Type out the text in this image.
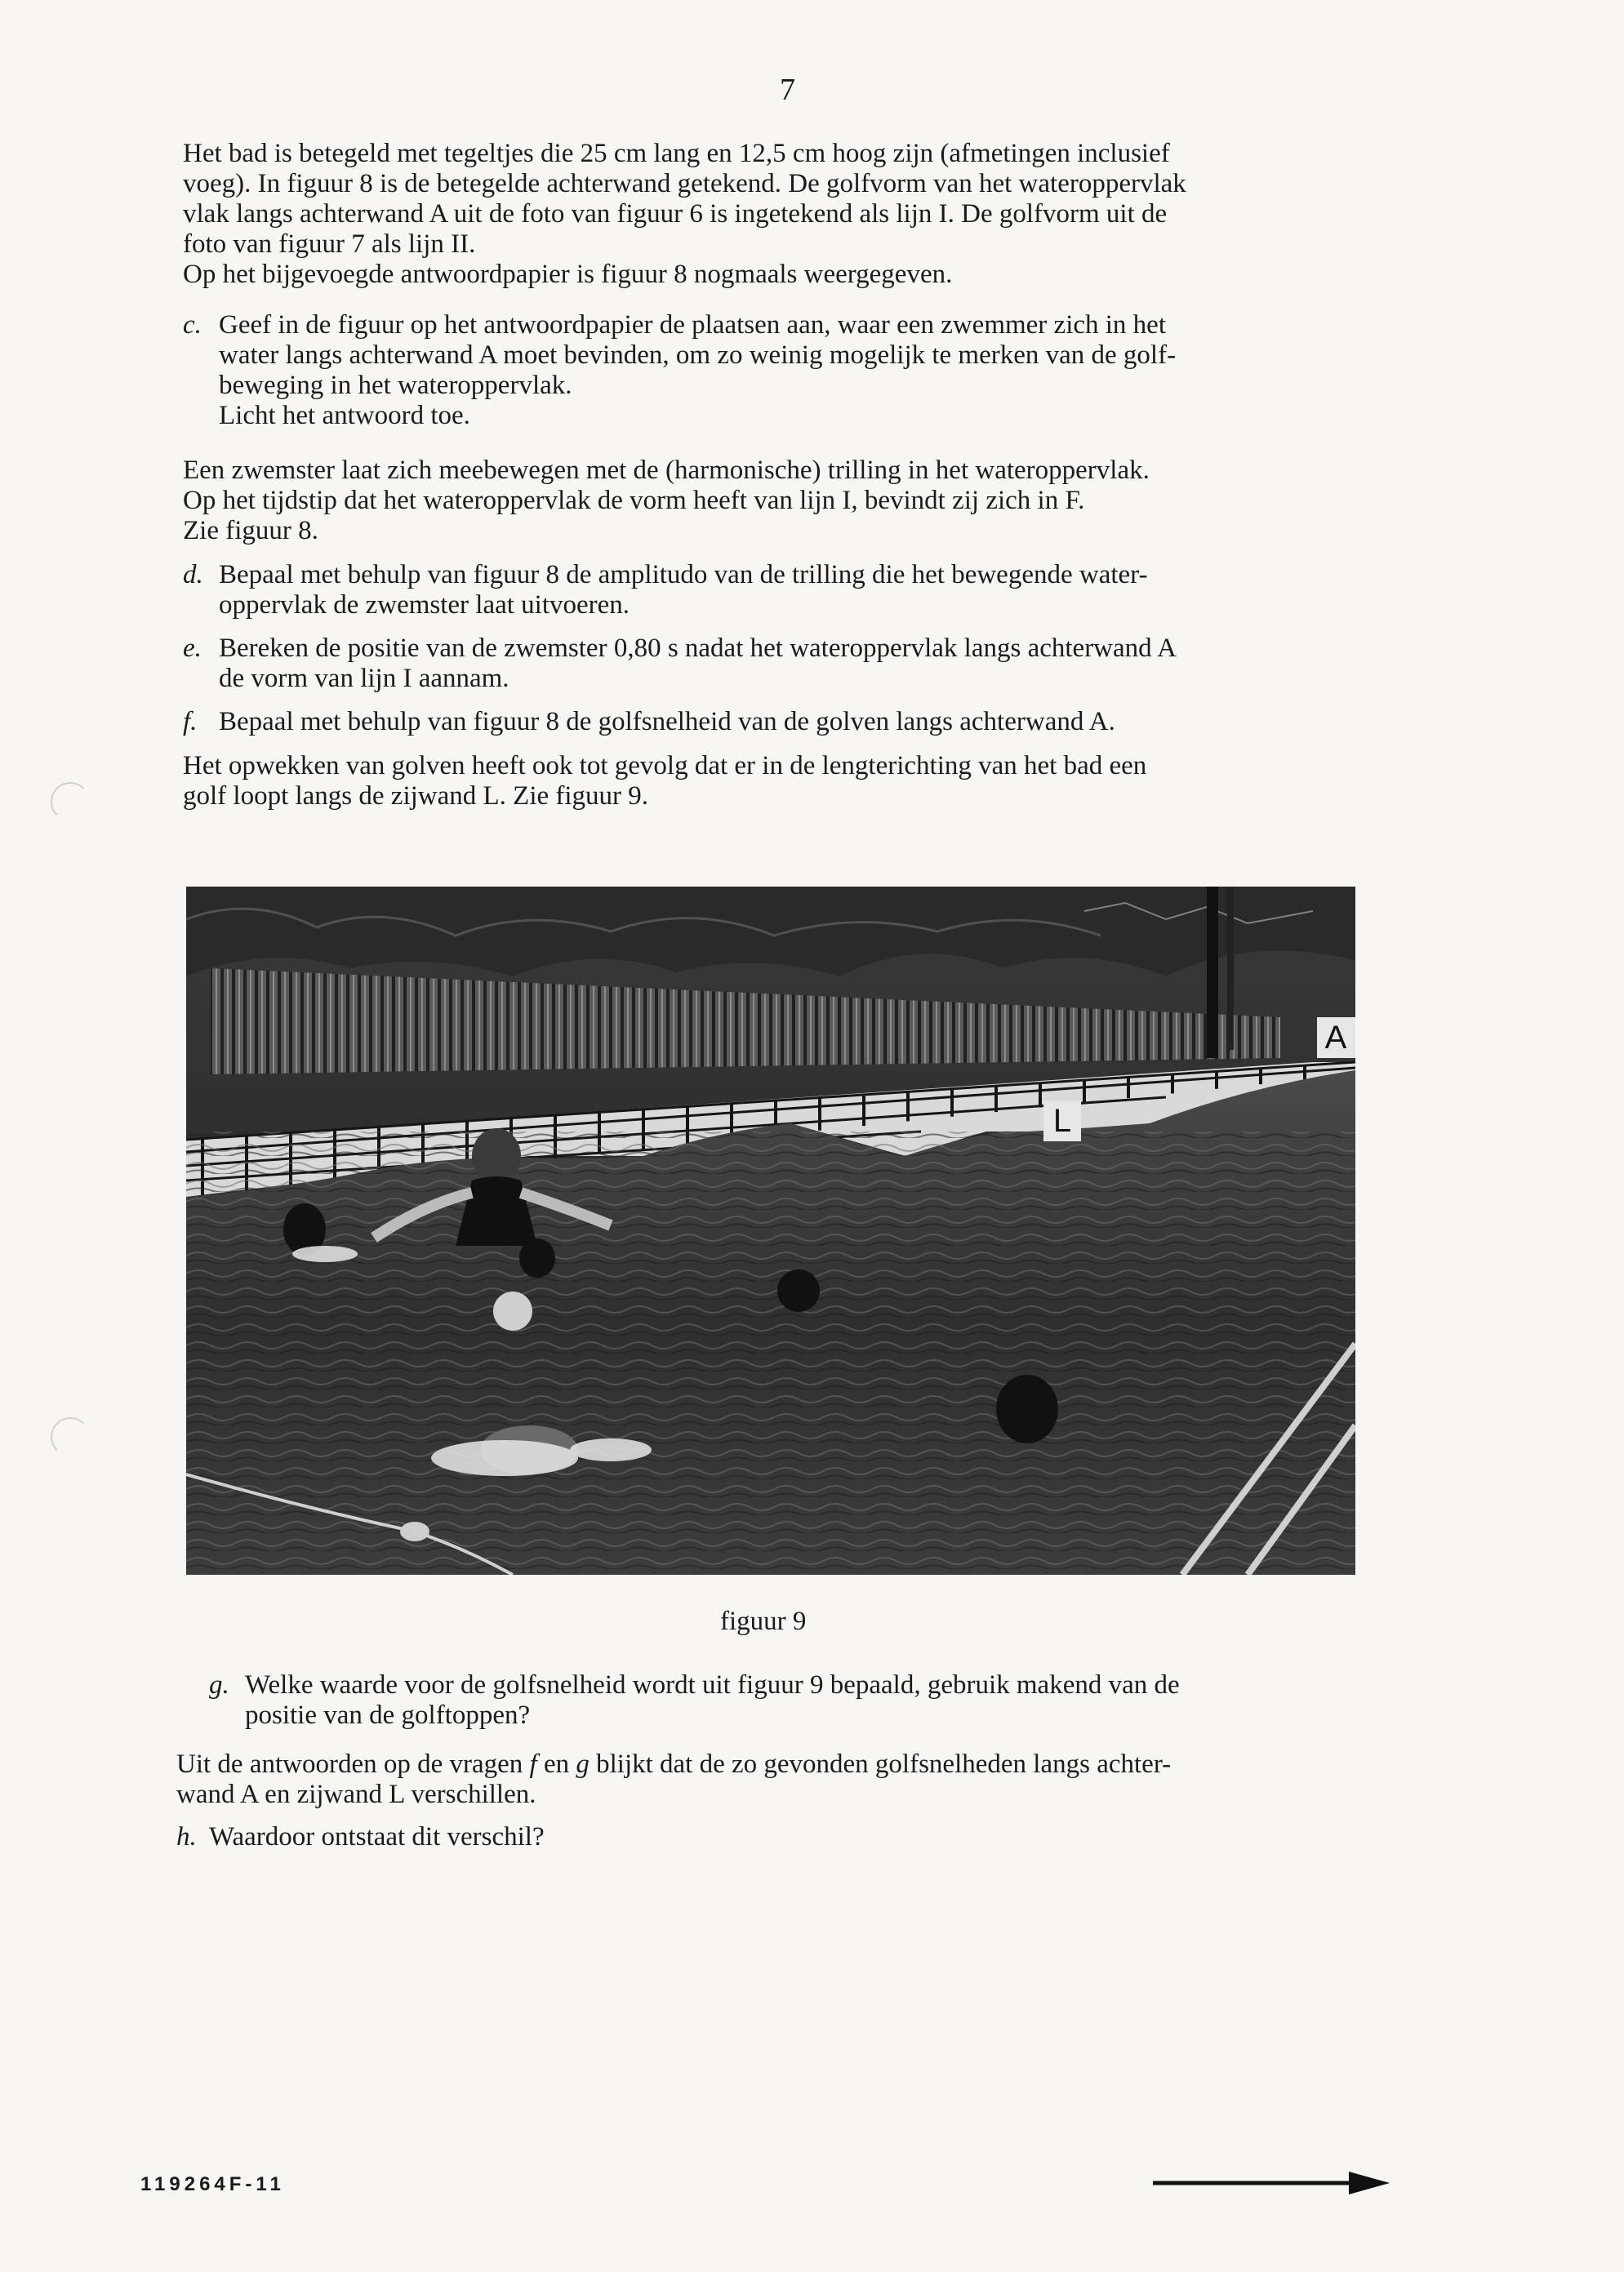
7

Het bad is betegeld met tegeltjes die 25 cm lang en 12,5 cm hoog zijn (afmetingen inclusief

voeg). In figuur 8 is de betegelde achterwand getekend. De golfvorm van het wateroppervlak

vlak langs achterwand A uit de foto van figuur 6 is ingetekend als lijn I. De golfvorm uit de

foto van figuur 7 als lijn II.

Op het bijgevoegde antwoordpapier is figuur 8 nogmaals weergegeven.

c. Geef in de figuur op het antwoordpapier de plaatsen aan, waar een zwemmer zich in het
water langs achterwand A moet bevinden, om zo weinig mogelijk te merken van de golf-
beweging in het wateroppervlak.
Licht het antwoord toe.

Een zwemster laat zich meebewegen met de (harmonische) trilling in het wateroppervlak.

Op het tijdstip dat het wateroppervlak de vorm heeft van lijn I, bevindt zij zich in F.

Zie figuur 8.

d. Bepaal met behulp van figuur 8 de amplitudo van de trilling die het bewegende water-
oppervlak de zwemster laat uitvoeren.
e. Bereken de positie van de zwemster 0,80 s nadat het wateroppervlak langs achterwand A
de vorm van lijn I aannam.
f. Bepaal met behulp van figuur 8 de golfsnelheid van de golven langs achterwand A.

Het opwekken van golven heeft ook tot gevolg dat er in de lengterichting van het bad een

golf loopt langs de zijwand L. Zie figuur 9.

A
L
figuur 9
g. Welke waarde voor de golfsnelheid wordt uit figuur 9 bepaald, gebruik makend van de
positie van de golftoppen?

Uit de antwoorden op de vragen f en g blijkt dat de zo gevonden golfsnelheden langs achter-

wand A en zijwand L verschillen.

h. Waardoor ontstaat dit verschil?
119264F-11
